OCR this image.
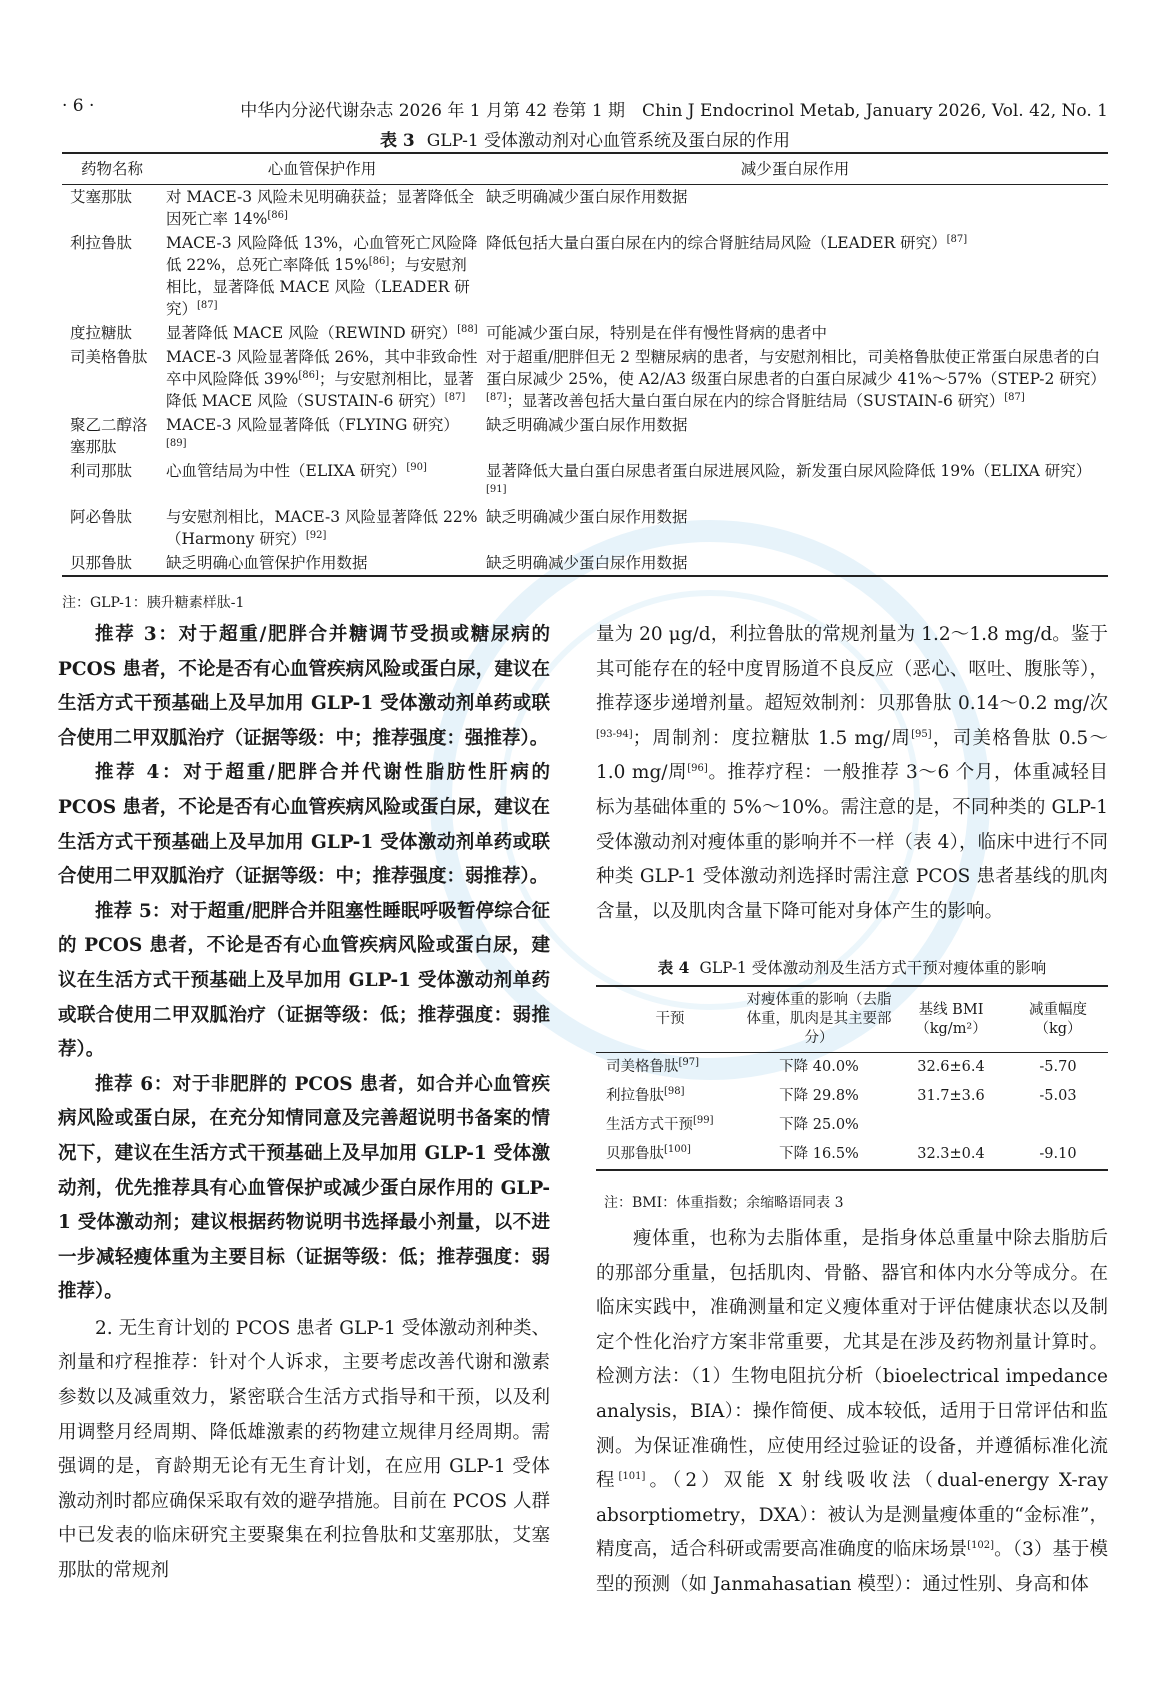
· 6 ·	中华内分泌代谢杂志 2026 年 1 月第 42 卷第 1 期　Chin J Endocrinol Metab, January 2026, Vol. 42, No. 1
表 3 GLP-1 受体激动剂对心血管系统及蛋白尿的作用
药物名称	心血管保护作用	减少蛋白尿作用
艾塞那肽	对 MACE-3 风险未见明确获益；显著降低全因死亡率 14%[86]	缺乏明确减少蛋白尿作用数据
利拉鲁肽	MACE-3 风险降低 13%，心血管死亡风险降低 22%，总死亡率降低 15%[86]；与安慰剂相比，显著降低 MACE 风险（LEADER 研究）[87]	降低包括大量白蛋白尿在内的综合肾脏结局风险（LEADER 研究）[87]
度拉糖肽	显著降低 MACE 风险（REWIND 研究）[88]	可能减少蛋白尿，特别是在伴有慢性肾病的患者中
司美格鲁肽	MACE-3 风险显著降低 26%，其中非致命性卒中风险降低 39%[86]；与安慰剂相比，显著降低 MACE 风险（SUSTAIN-6 研究）[87]	对于超重/肥胖但无 2 型糖尿病的患者，与安慰剂相比，司美格鲁肽使正常蛋白尿患者的白蛋白尿减少 25%，使 A2/A3 级蛋白尿患者的白蛋白尿减少 41%～57%（STEP-2 研究）[87]；显著改善包括大量白蛋白尿在内的综合肾脏结局（SUSTAIN-6 研究）[87]
聚乙二醇洛塞那肽	MACE-3 风险显著降低（FLYING 研究）[89]	缺乏明确减少蛋白尿作用数据
利司那肽	心血管结局为中性（ELIXA 研究）[90]	显著降低大量白蛋白尿患者蛋白尿进展风险，新发蛋白尿风险降低 19%（ELIXA 研究）[91]
阿必鲁肽	与安慰剂相比，MACE-3 风险显著降低 22%（Harmony 研究）[92]	缺乏明确减少蛋白尿作用数据
贝那鲁肽	缺乏明确心血管保护作用数据	缺乏明确减少蛋白尿作用数据
注：GLP-1：胰升糖素样肽-1

推荐 3：对于超重/肥胖合并糖调节受损或糖尿病的 PCOS 患者，不论是否有心血管疾病风险或蛋白尿，建议在生活方式干预基础上及早加用 GLP-1 受体激动剂单药或联合使用二甲双胍治疗（证据等级：中；推荐强度：强推荐）。

推荐 4：对于超重/肥胖合并代谢性脂肪性肝病的 PCOS 患者，不论是否有心血管疾病风险或蛋白尿，建议在生活方式干预基础上及早加用 GLP-1 受体激动剂单药或联合使用二甲双胍治疗（证据等级：中；推荐强度：弱推荐）。

推荐 5：对于超重/肥胖合并阻塞性睡眠呼吸暂停综合征的 PCOS 患者，不论是否有心血管疾病风险或蛋白尿，建议在生活方式干预基础上及早加用 GLP-1 受体激动剂单药或联合使用二甲双胍治疗（证据等级：低；推荐强度：弱推荐）。

推荐 6：对于非肥胖的 PCOS 患者，如合并心血管疾病风险或蛋白尿，在充分知情同意及完善超说明书备案的情况下，建议在生活方式干预基础上及早加用 GLP-1 受体激动剂，优先推荐具有心血管保护或减少蛋白尿作用的 GLP-1 受体激动剂；建议根据药物说明书选择最小剂量，以不进一步减轻瘦体重为主要目标（证据等级：低；推荐强度：弱推荐）。

2. 无生育计划的 PCOS 患者 GLP-1 受体激动剂种类、剂量和疗程推荐：针对个人诉求，主要考虑改善代谢和激素参数以及减重效力，紧密联合生活方式指导和干预，以及利用调整月经周期、降低雄激素的药物建立规律月经周期。需强调的是，育龄期无论有无生育计划，在应用 GLP-1 受体激动剂时都应确保采取有效的避孕措施。目前在 PCOS 人群中已发表的临床研究主要聚集在利拉鲁肽和艾塞那肽，艾塞那肽的常规剂

量为 20 μg/d，利拉鲁肽的常规剂量为 1.2～1.8 mg/d。鉴于其可能存在的轻中度胃肠道不良反应（恶心、呕吐、腹胀等），推荐逐步递增剂量。超短效制剂：贝那鲁肽 0.14～0.2 mg/次[93-94]；周制剂：度拉糖肽 1.5 mg/周[95]，司美格鲁肽 0.5～1.0 mg/周[96]。推荐疗程：一般推荐 3～6 个月，体重减轻目标为基础体重的 5%～10%。需注意的是，不同种类的 GLP-1 受体激动剂对瘦体重的影响并不一样（表 4），临床中进行不同种类 GLP-1 受体激动剂选择时需注意 PCOS 患者基线的肌肉含量，以及肌肉含量下降可能对身体产生的影响。

表 4 GLP-1 受体激动剂及生活方式干预对瘦体重的影响
干预	对瘦体重的影响（去脂体重，肌肉是其主要部分）	基线 BMI（kg/m²）	减重幅度（kg）
司美格鲁肽[97]	下降 40.0%	32.6±6.4	-5.70
利拉鲁肽[98]	下降 29.8%	31.7±3.6	-5.03
生活方式干预[99]	下降 25.0%		
贝那鲁肽[100]	下降 16.5%	32.3±0.4	-9.10
注：BMI：体重指数；余缩略语同表 3

瘦体重，也称为去脂体重，是指身体总重量中除去脂肪后的那部分重量，包括肌肉、骨骼、器官和体内水分等成分。在临床实践中，准确测量和定义瘦体重对于评估健康状态以及制定个性化治疗方案非常重要，尤其是在涉及药物剂量计算时。检测方法：（1）生物电阻抗分析（bioelectrical impedance analysis，BIA）：操作简便、成本较低，适用于日常评估和监测。为保证准确性，应使用经过验证的设备，并遵循标准化流程[101]。（2）双能 X 射线吸收法（dual-energy X-ray absorptiometry，DXA）：被认为是测量瘦体重的“金标准”，精度高，适合科研或需要高准确度的临床场景[102]。（3）基于模型的预测（如 Janmahasatian 模型）：通过性别、身高和体
